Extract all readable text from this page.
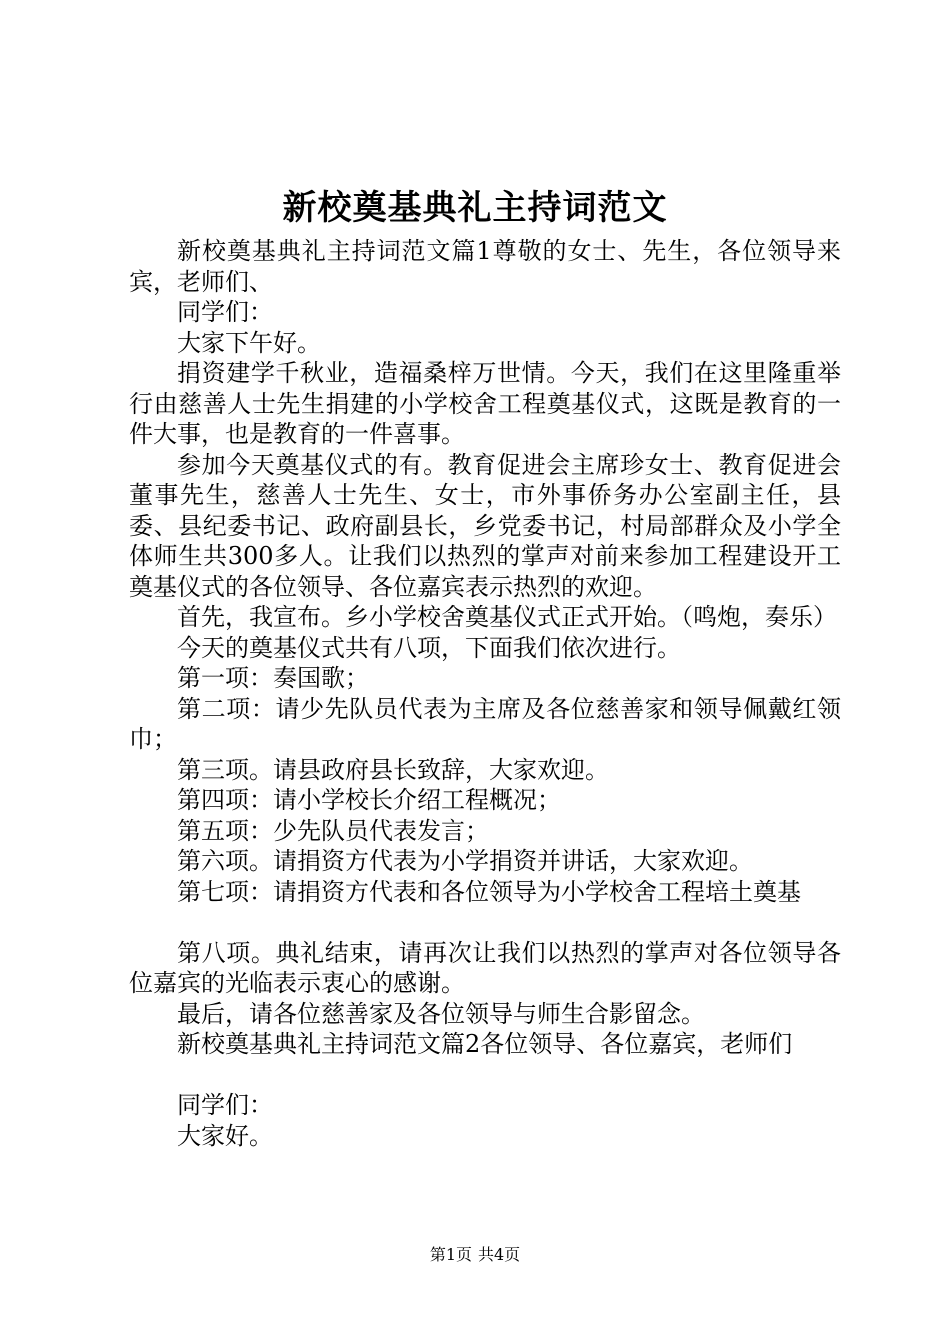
新校奠基典礼主持词范文

新校奠基典礼主持词范文篇1尊敬的女士、先生，各位领导来宾，老师们、

同学们：

大家下午好。

捐资建学千秋业，造福桑梓万世情。今天，我们在这里隆重举行由慈善人士先生捐建的小学校舍工程奠基仪式，这既是教育的一件大事，也是教育的一件喜事。

参加今天奠基仪式的有。教育促进会主席珍女士、教育促进会董事先生，慈善人士先生、女士，市外事侨务办公室副主任，县委、县纪委书记、政府副县长，乡党委书记，村局部群众及小学全体师生共300多人。让我们以热烈的掌声对前来参加工程建设开工奠基仪式的各位领导、各位嘉宾表示热烈的欢迎。

首先，我宣布。乡小学校舍奠基仪式正式开始。（鸣炮，奏乐）

今天的奠基仪式共有八项，下面我们依次进行。

第一项：奏国歌；

第二项：请少先队员代表为主席及各位慈善家和领导佩戴红领巾；

第三项。请县政府县长致辞，大家欢迎。

第四项：请小学校长介绍工程概况；

第五项：少先队员代表发言；

第六项。请捐资方代表为小学捐资并讲话，大家欢迎。

第七项：请捐资方代表和各位领导为小学校舍工程培土奠基

第八项。典礼结束，请再次让我们以热烈的掌声对各位领导各位嘉宾的光临表示衷心的感谢。

最后，请各位慈善家及各位领导与师生合影留念。

新校奠基典礼主持词范文篇2各位领导、各位嘉宾，老师们

同学们：

大家好。

第1页 共4页
